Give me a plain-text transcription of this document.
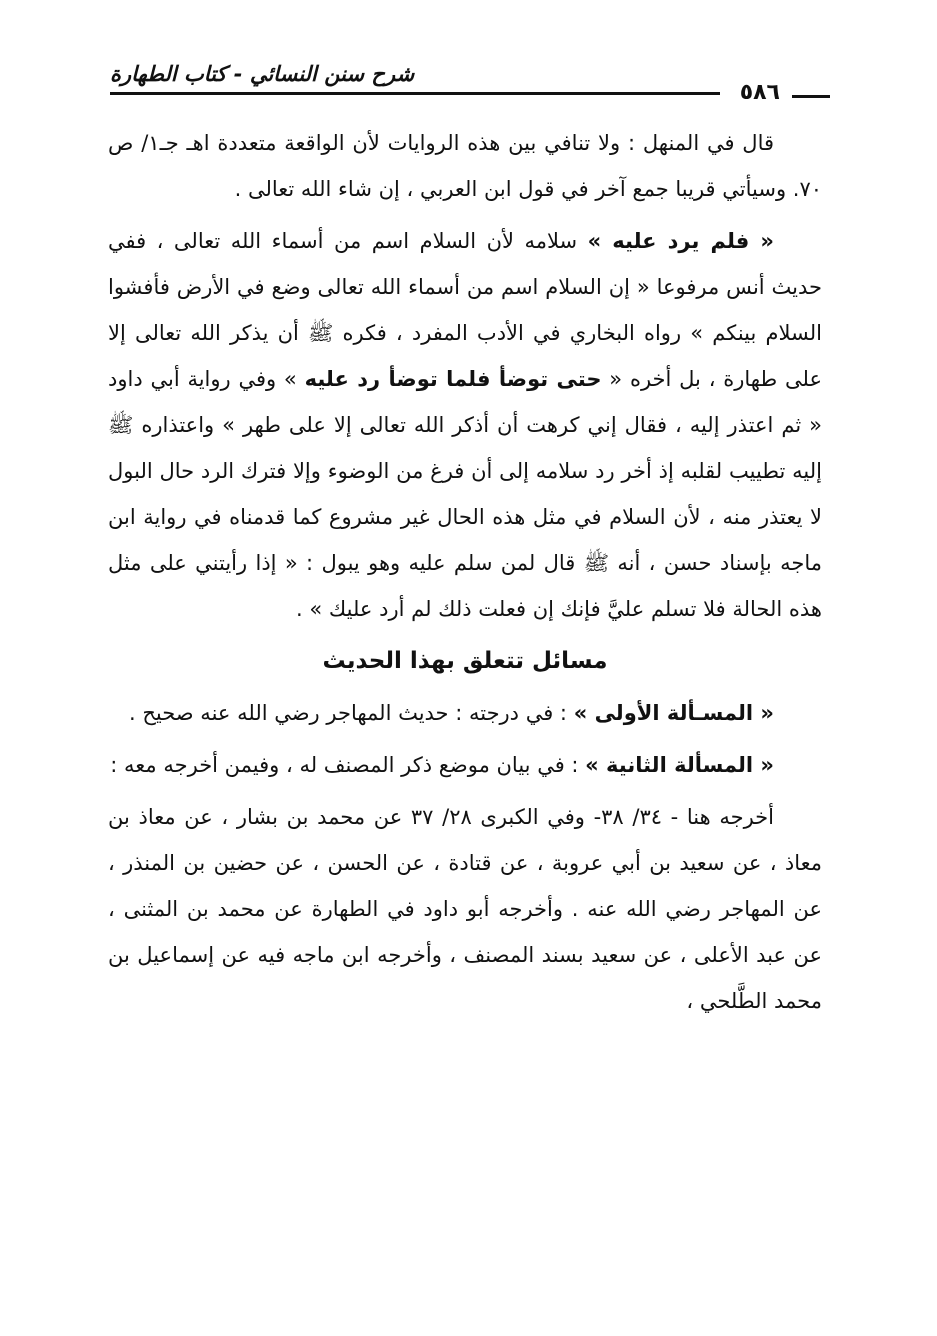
شرح سنن النسائي - كتاب الطهارة
٥٨٦

قال في المنهل : ولا تنافي بين هذه الروايات لأن الواقعة متعددة اهـ جـ١/ ص ٧٠. وسيأتي قريبا جمع آخر في قول ابن العربي ، إن شاء الله تعالى .

« فلم يرد عليه » سلامه لأن السلام اسم من أسماء الله تعالى ، ففي حديث أنس مرفوعا « إن السلام اسم من أسماء الله تعالى وضع في الأرض فأفشوا السلام بينكم » رواه البخاري في الأدب المفرد ، فكره ﷺ أن يذكر الله تعالى إلا على طهارة ، بل أخره « حتى توضأ فلما توضأ رد عليه » وفي رواية أبي داود « ثم اعتذر إليه ، فقال إني كرهت أن أذكر الله تعالى إلا على طهر » واعتذاره ﷺ إليه تطييب لقلبه إذ أخر رد سلامه إلى أن فرغ من الوضوء وإلا فترك الرد حال البول لا يعتذر منه ، لأن السلام في مثل هذه الحال غير مشروع كما قدمناه في رواية ابن ماجه بإسناد حسن ، أنه ﷺ قال لمن سلم عليه وهو يبول : « إذا رأيتني على مثل هذه الحالة فلا تسلم عليَّ فإنك إن فعلت ذلك لم أرد عليك » .

مسائل تتعلق بهذا الحديث

« المسـألة الأولى » : في درجته : حديث المهاجر رضي الله عنه صحيح .

« المسألة الثانية » : في بيان موضع ذكر المصنف له ، وفيمن أخرجه معه :

أخرجه هنا - ٣٤/ ٣٨- وفي الكبرى ٢٨/ ٣٧ عن محمد بن بشار ، عن معاذ بن معاذ ، عن سعيد بن أبي عروبة ، عن قتادة ، عن الحسن ، عن حضين بن المنذر ، عن المهاجر رضي الله عنه . وأخرجه أبو داود في الطهارة عن محمد بن المثنى ، عن عبد الأعلى ، عن سعيد بسند المصنف ، وأخرجه ابن ماجه فيه عن إسماعيل بن محمد الطَّلحي ،
